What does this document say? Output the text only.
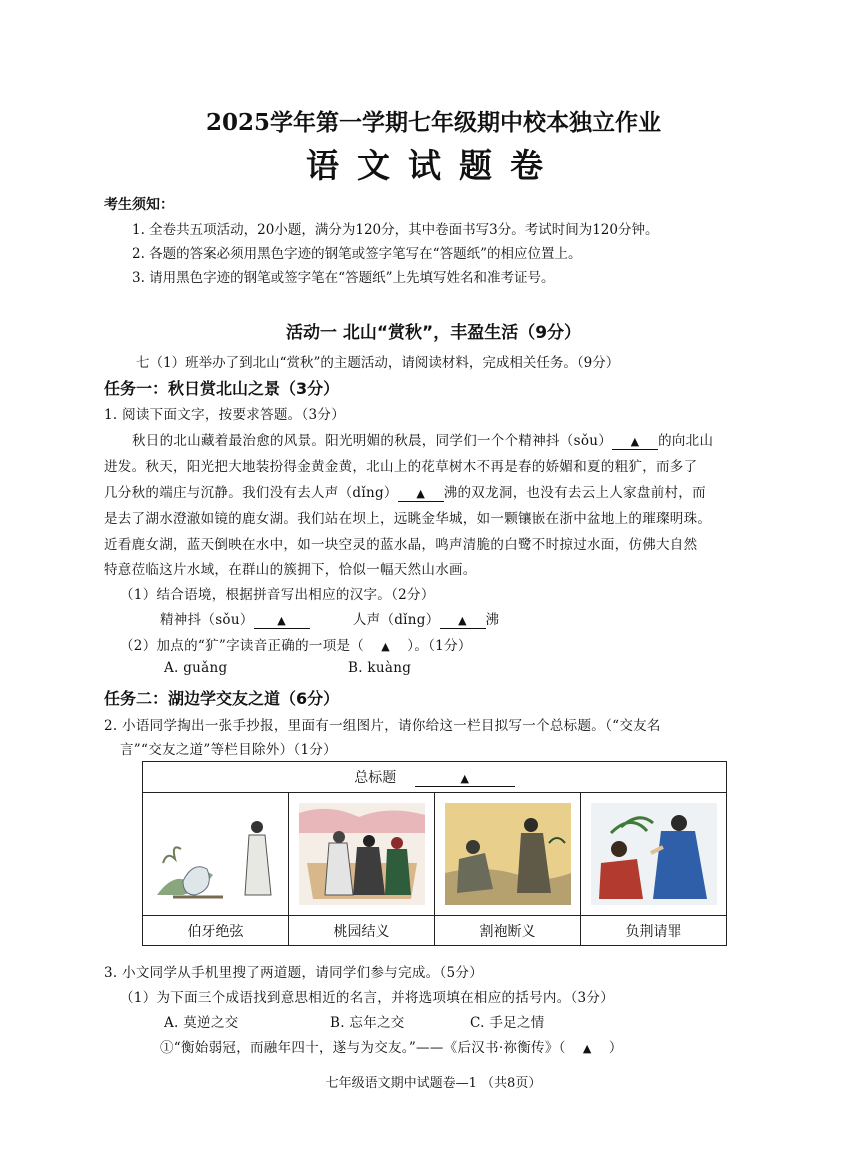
2025学年第一学期七年级期中校本独立作业
语文试题卷
考生须知：
1. 全卷共五项活动，20小题，满分为120分，其中卷面书写3分。考试时间为120分钟。
2. 各题的答案必须用黑色字迹的钢笔或签字笔写在“答题纸”的相应位置上。
3. 请用黑色字迹的钢笔或签字笔在“答题纸”上先填写姓名和准考证号。
活动一 北山“赏秋”，丰盈生活（9分）
七（1）班举办了到北山“赏秋”的主题活动，请阅读材料，完成相关任务。（9分）
任务一：秋日赏北山之景（3分）
1. 阅读下面文字，按要求答题。（3分）
秋日的北山藏着最治愈的风景。阳光明媚的秋晨，同学们一个个精神抖（sǒu） ▲ 的向北山
进发。秋天，阳光把大地装扮得金黄金黄，北山上的花草树木不再是春的娇媚和夏的粗犷，而多了
几分秋的端庄与沉静。我们没有去人声（dǐng） ▲ 沸的双龙洞，也没有去云上人家盘前村，而
是去了湖水澄澈如镜的鹿女湖。我们站在坝上，远眺金华城，如一颗镶嵌在浙中盆地上的璀璨明珠。
近看鹿女湖，蓝天倒映在水中，如一块空灵的蓝水晶，鸣声清脆的白鹭不时掠过水面，仿佛大自然
特意莅临这片水域，在群山的簇拥下，恰似一幅天然山水画。
（1）结合语境，根据拼音写出相应的汉字。（2分）
精神抖（sǒu） ▲	人声（dǐng） ▲ 沸
（2）加点的“犷”字读音正确的一项是（ ▲ ）。（1分）
A. guǎng	B. kuàng
任务二：湖边学交友之道（6分）
2. 小语同学掏出一张手抄报，里面有一组图片，请你给这一栏目拟写一个总标题。（“交友名
言”“交友之道”等栏目除外）（1分）
总标题 ▲			

伯牙绝弦	桃园结义	割袍断义	负荆请罪
3. 小文同学从手机里搜了两道题，请同学们参与完成。（5分）
（1）为下面三个成语找到意思相近的名言，并将选项填在相应的括号内。（3分）
A. 莫逆之交	B. 忘年之交	C. 手足之情
①“衡始弱冠，而融年四十，遂与为交友。”——《后汉书·祢衡传》（ ▲ ）
七年级语文期中试题卷—1 （共8页）
